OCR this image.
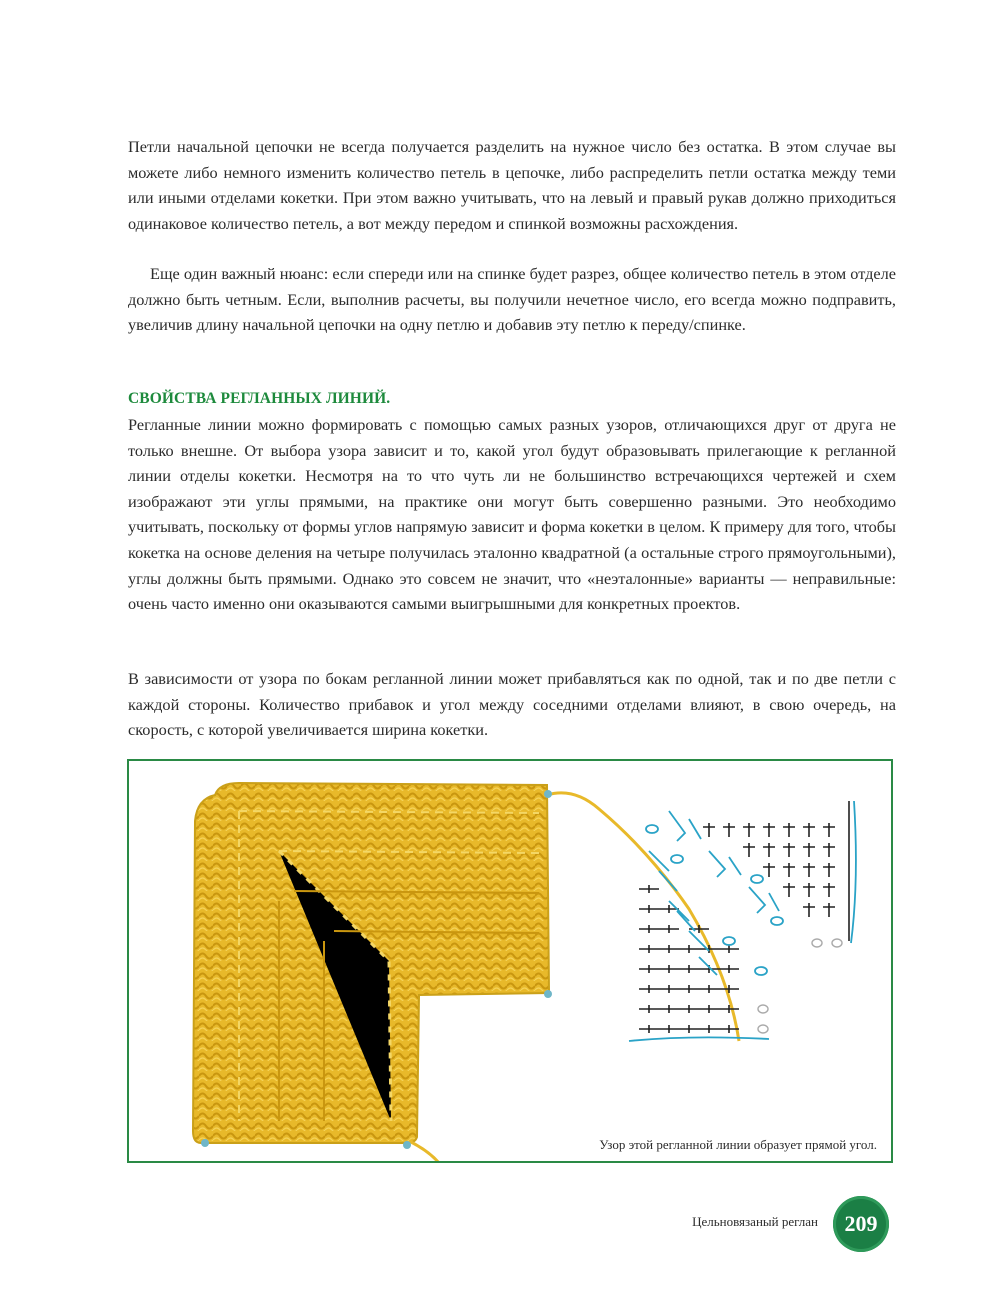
Петли начальной цепочки не всегда получается разделить на нужное число без остатка. В этом случае вы можете либо немного изменить количество петель в цепочке, либо распределить петли остатка между теми или иными отделами кокетки. При этом важно учитывать, что на левый и правый рукав должно приходиться одинаковое количество петель, а вот между передом и спинкой возможны расхождения.

Еще один важный нюанс: если спереди или на спинке будет разрез, общее количество петель в этом отделе должно быть четным. Если, выполнив расчеты, вы получили нечетное число, его всегда можно подправить, увеличив длину начальной цепочки на одну петлю и добавив эту петлю к переду/спинке.

СВОЙСТВА РЕГЛАННЫХ ЛИНИЙ.

Регланные линии можно формировать с помощью самых разных узоров, отличающихся друг от друга не только внешне. От выбора узора зависит и то, какой угол будут образовывать прилегающие к регланной линии отделы кокетки. Несмотря на то что чуть ли не большинство встречающихся чертежей и схем изображают эти углы прямыми, на практике они могут быть совершенно разными. Это необходимо учитывать, поскольку от формы углов напрямую зависит и форма кокетки в целом. К примеру для того, чтобы кокетка на основе деления на четыре получилась эталонно квадратной (а остальные строго прямоугольными), углы должны быть прямыми. Однако это совсем не значит, что «неэталонные» варианты — неправильные: очень часто именно они оказываются самыми выигрышными для конкретных проектов.

В зависимости от узора по бокам регланной линии может прибавляться как по одной, так и по две петли с каждой стороны. Количество прибавок и угол между соседними отделами влияют, в свою очередь, на скорость, с которой увеличивается ширина кокетки.

Узор этой регланной линии образует прямой угол.

Цельновязаный реглан 209
